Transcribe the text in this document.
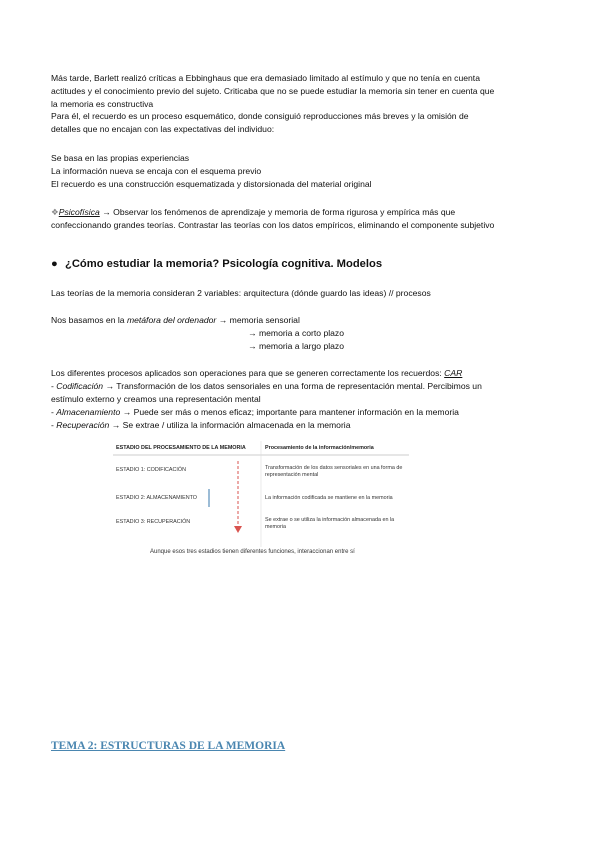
Más tarde, Barlett realizó críticas a Ebbinghaus que era demasiado limitado al estímulo y que no tenía en cuenta
actitudes y el conocimiento previo del sujeto. Criticaba que no se puede estudiar la memoria sin tener en cuenta que
la memoria es constructiva
Para él, el recuerdo es un proceso esquemático, donde consiguió reproducciones más breves y la omisión de
detalles que no encajan con las expectativas del individuo:
Se basa en las propias experiencias
La información nueva se encaja con el esquema previo
El recuerdo es una construcción esquematizada y distorsionada del material original
❖Psicofísica → Observar los fenómenos de aprendizaje y memoria de forma rigurosa y empírica más que
confeccionando grandes teorías. Contrastar las teorías con los datos empíricos, eliminando el componente subjetivo
● ¿Cómo estudiar la memoria? Psicología cognitiva. Modelos
Las teorías de la memoria consideran 2 variables: arquitectura (dónde guardo las ideas) // procesos
Nos basamos en la metáfora del ordenador → memoria sensorial
→ memoria a corto plazo
→ memoria a largo plazo
Los diferentes procesos aplicados son operaciones para que se generen correctamente los recuerdos: CAR
- Codificación → Transformación de los datos sensoriales en una forma de representación mental. Percibimos un
estímulo externo y creamos una representación mental
- Almacenamiento → Puede ser más o menos eficaz; importante para mantener información en la memoria
- Recuperación → Se extrae / utiliza la información almacenada en la memoria
ESTADIO DEL PROCESAMIENTO DE LA MEMORIA	Procesamiento de la información/memoria
ESTADIO 1: CODIFICACIÓN	Transformación de los datos sensoriales en una forma de representación mental
ESTADIO 2: ALMACENAMIENTO	La información codificada se mantiene en la memoria
ESTADIO 3: RECUPERACIÓN	Se extrae o se utiliza la información almacenada en la memoria
Aunque esos tres estadios tienen diferentes funciones, interaccionan entre sí
TEMA 2: ESTRUCTURAS DE LA MEMORIA
